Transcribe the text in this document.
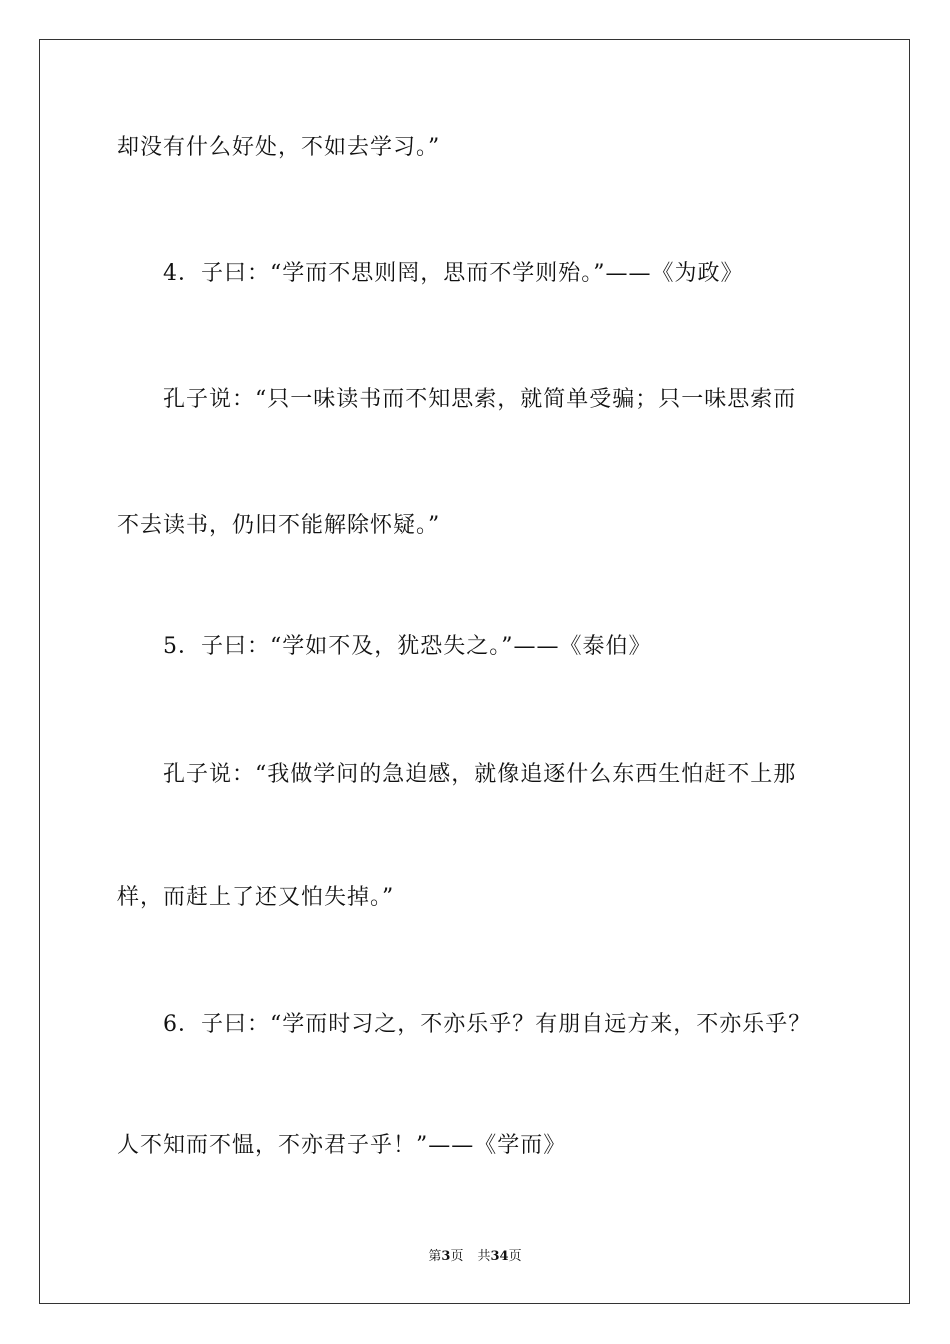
却没有什么好处，不如去学习。”
4．子曰：“学而不思则罔，思而不学则殆。”——《为政》
孔子说：“只一味读书而不知思索，就简单受骗；只一味思索而
不去读书，仍旧不能解除怀疑。”
5．子曰：“学如不及，犹恐失之。”——《泰伯》
孔子说：“我做学问的急迫感，就像追逐什么东西生怕赶不上那
样，而赶上了还又怕失掉。”
6．子曰：“学而时习之，不亦乐乎？有朋自远方来，不亦乐乎？
人不知而不愠，不亦君子乎！”——《学而》
第3页 共34页
